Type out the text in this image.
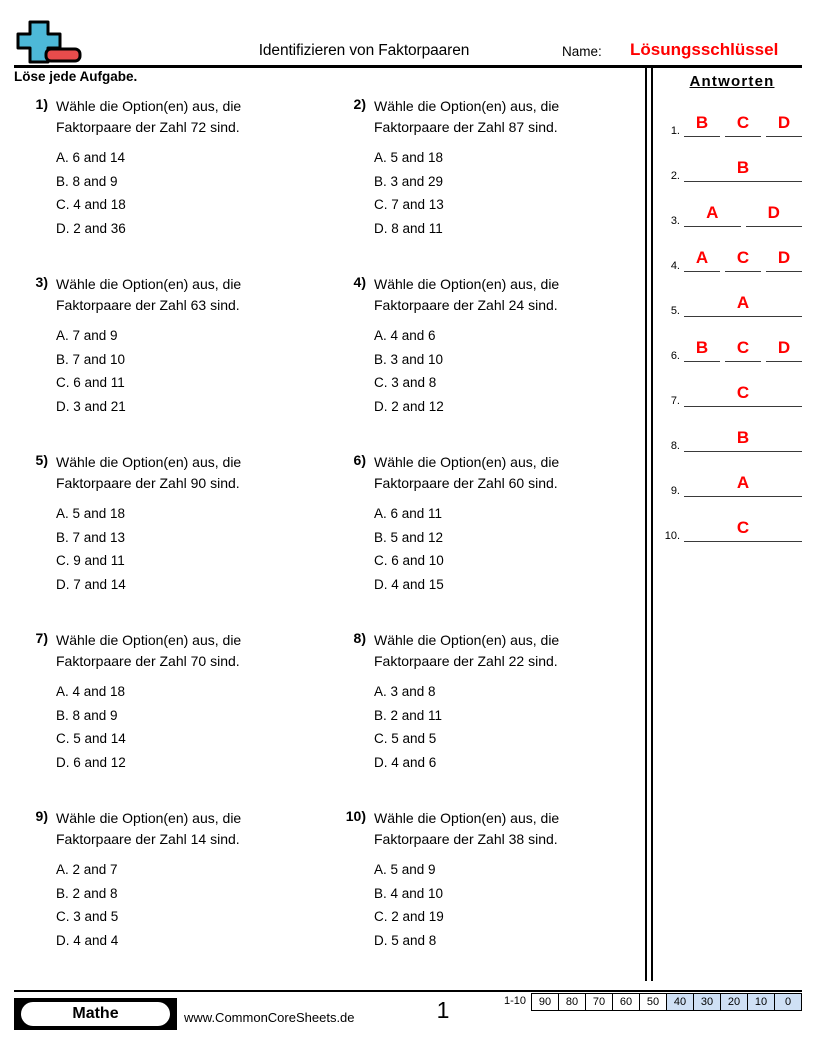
Identifizieren von Faktorpaaren	Name: Lösungsschlüssel
Löse jede Aufgabe.
1) Wähle die Option(en) aus, die Faktorpaare der Zahl 72 sind.
A. 6 and 14
B. 8 and 9
C. 4 and 18
D. 2 and 36
2) Wähle die Option(en) aus, die Faktorpaare der Zahl 87 sind.
A. 5 and 18
B. 3 and 29
C. 7 and 13
D. 8 and 11
3) Wähle die Option(en) aus, die Faktorpaare der Zahl 63 sind.
A. 7 and 9
B. 7 and 10
C. 6 and 11
D. 3 and 21
4) Wähle die Option(en) aus, die Faktorpaare der Zahl 24 sind.
A. 4 and 6
B. 3 and 10
C. 3 and 8
D. 2 and 12
5) Wähle die Option(en) aus, die Faktorpaare der Zahl 90 sind.
A. 5 and 18
B. 7 and 13
C. 9 and 11
D. 7 and 14
6) Wähle die Option(en) aus, die Faktorpaare der Zahl 60 sind.
A. 6 and 11
B. 5 and 12
C. 6 and 10
D. 4 and 15
7) Wähle die Option(en) aus, die Faktorpaare der Zahl 70 sind.
A. 4 and 18
B. 8 and 9
C. 5 and 14
D. 6 and 12
8) Wähle die Option(en) aus, die Faktorpaare der Zahl 22 sind.
A. 3 and 8
B. 2 and 11
C. 5 and 5
D. 4 and 6
9) Wähle die Option(en) aus, die Faktorpaare der Zahl 14 sind.
A. 2 and 7
B. 2 and 8
C. 3 and 5
D. 4 and 4
10) Wähle die Option(en) aus, die Faktorpaare der Zahl 38 sind.
A. 5 and 9
B. 4 and 10
C. 2 and 19
D. 5 and 8
Antworten
1. B	C	D
2.	B
3.	A	D
4. A	C	D
5.	A
6. B	C	D
7.	C
8.	B
9.	A
10.	C
Mathe	www.CommonCoreSheets.de	1	1-10	90	80	70	60	50	40	30	20	10	0
